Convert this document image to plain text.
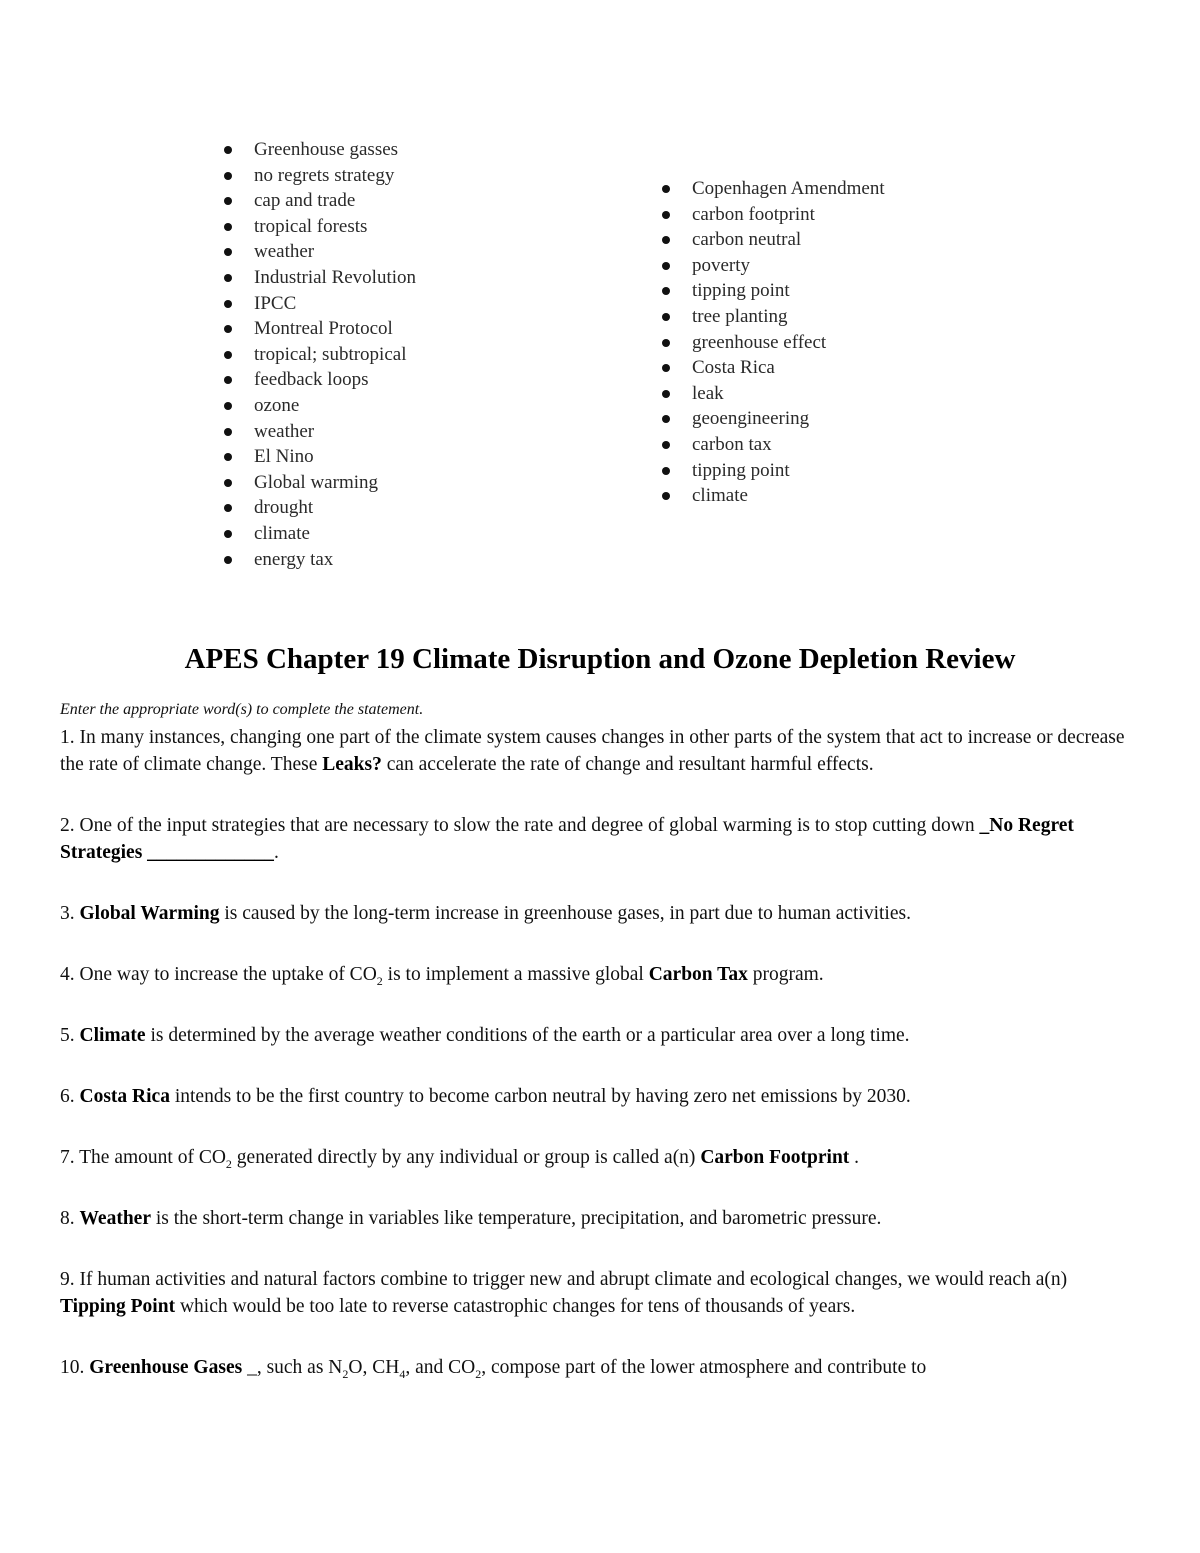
Greenhouse gasses
no regrets strategy
cap and trade
tropical forests
weather
Industrial Revolution
IPCC
Montreal Protocol
tropical; subtropical
feedback loops
ozone
weather
El Nino
Global warming
drought
climate
energy tax
Copenhagen Amendment
carbon footprint
carbon neutral
poverty
tipping point
tree planting
greenhouse effect
Costa Rica
leak
geoengineering
carbon tax
tipping point
climate
APES Chapter 19 Climate Disruption and Ozone Depletion Review

Enter the appropriate word(s) to complete the statement.

1. In many instances, changing one part of the climate system causes changes in other parts of the system that act to increase or decrease the rate of climate change. These Leaks? can accelerate the rate of change and resultant harmful effects.

2. One of the input strategies that are necessary to slow the rate and degree of global warming is to stop cutting down _No Regret Strategies _____________.

3. Global Warming is caused by the long-term increase in greenhouse gases, in part due to human activities.

4. One way to increase the uptake of $CO_2$ is to implement a massive global Carbon Tax program.

5. Climate is determined by the average weather conditions of the earth or a particular area over a long time.

6. Costa Rica intends to be the first country to become carbon neutral by having zero net emissions by 2030.

7. The amount of $CO_2$ generated directly by any individual or group is called a(n) Carbon Footprint .

8. Weather is the short-term change in variables like temperature, precipitation, and barometric pressure.

9. If human activities and natural factors combine to trigger new and abrupt climate and ecological changes, we would reach a(n) Tipping Point which would be too late to reverse catastrophic changes for tens of thousands of years.

10. Greenhouse Gases _, such as $N_2O$, $CH_4$, and $CO_2$, compose part of the lower atmosphere and contribute to
